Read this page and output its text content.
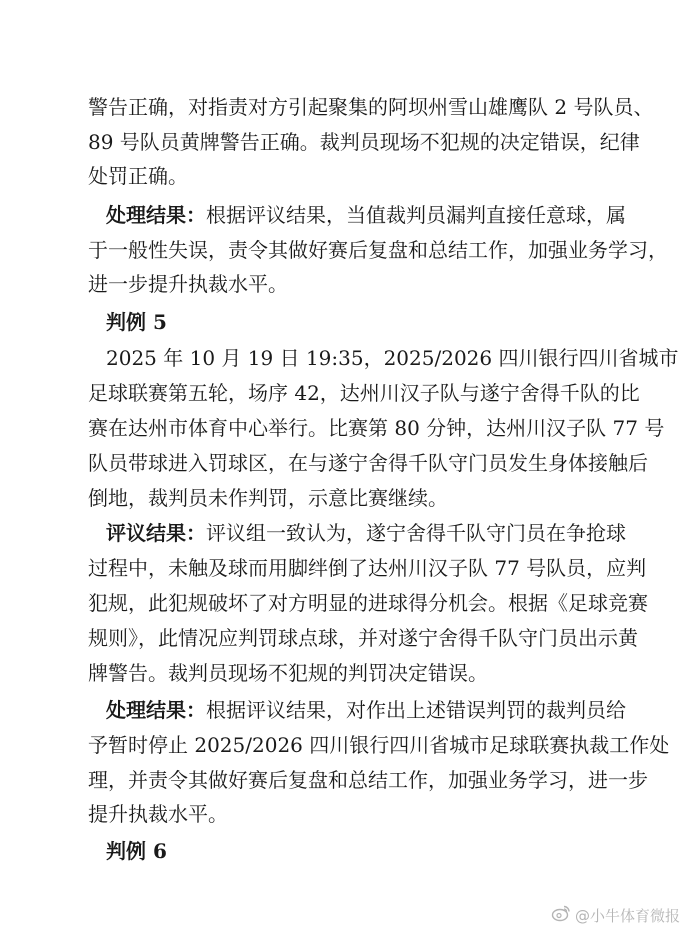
警告正确，对指责对方引起聚集的阿坝州雪山雄鹰队 2 号队员、
89 号队员黄牌警告正确。裁判员现场不犯规的决定错误，纪律
处罚正确。
处理结果：根据评议结果，当值裁判员漏判直接任意球，属
于一般性失误，责令其做好赛后复盘和总结工作，加强业务学习，
进一步提升执裁水平。
判例 5
2025 年 10 月 19 日 19:35，2025/2026 四川银行四川省城市
足球联赛第五轮，场序 42，达州川汉子队与遂宁舍得千队的比
赛在达州市体育中心举行。比赛第 80 分钟，达州川汉子队 77 号
队员带球进入罚球区，在与遂宁舍得千队守门员发生身体接触后
倒地，裁判员未作判罚，示意比赛继续。
评议结果：评议组一致认为，遂宁舍得千队守门员在争抢球
过程中，未触及球而用脚绊倒了达州川汉子队 77 号队员，应判
犯规，此犯规破坏了对方明显的进球得分机会。根据《足球竞赛
规则》，此情况应判罚球点球，并对遂宁舍得千队守门员出示黄
牌警告。裁判员现场不犯规的判罚决定错误。
处理结果：根据评议结果，对作出上述错误判罚的裁判员给
予暂时停止 2025/2026 四川银行四川省城市足球联赛执裁工作处
理，并责令其做好赛后复盘和总结工作，加强业务学习，进一步
提升执裁水平。
判例 6
@小牛体育微报
